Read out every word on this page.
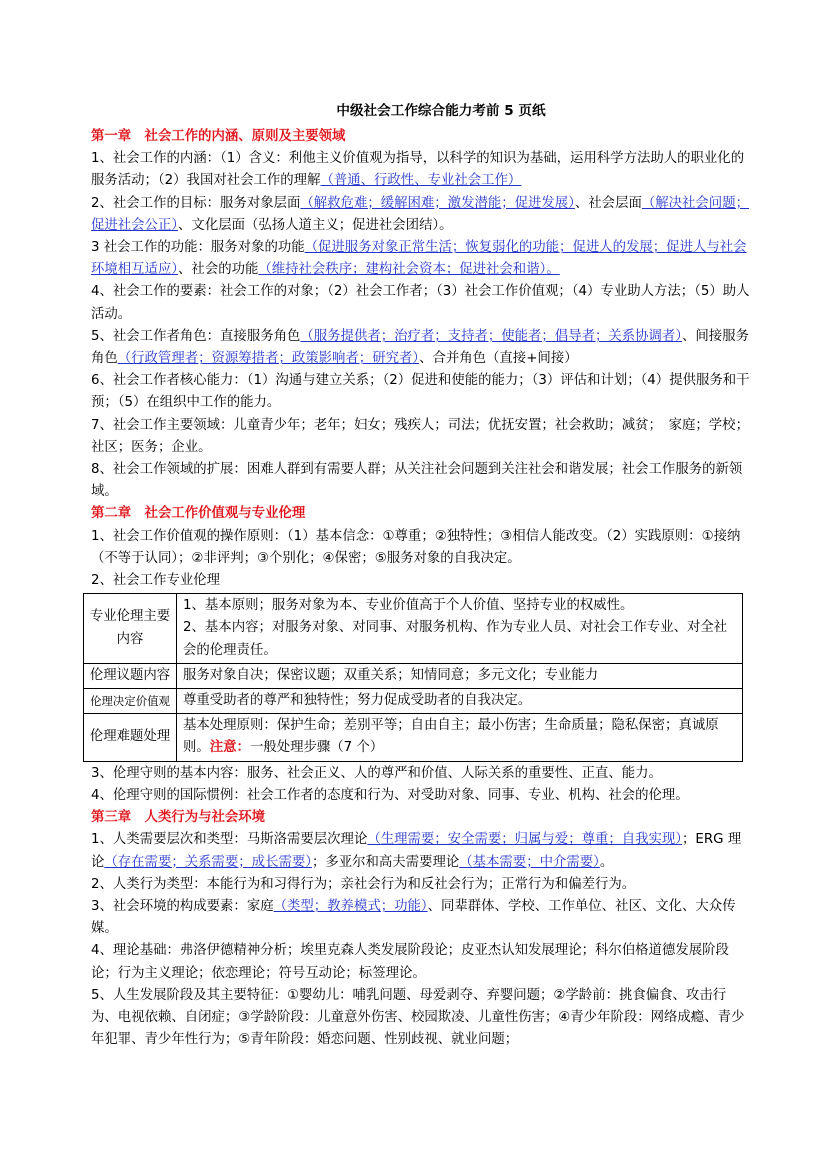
中级社会工作综合能力考前 5 页纸
第一章　社会工作的内涵、原则及主要领域

1、社会工作的内涵：（1）含义：利他主义价值观为指导，以科学的知识为基础，运用科学方法助人的职业化的服务活动；（2）我国对社会工作的理解（普通、行政性、专业社会工作）

2、社会工作的目标：服务对象层面（解救危难；缓解困难；激发潜能；促进发展）、社会层面（解决社会问题；促进社会公正）、文化层面（弘扬人道主义；促进社会团结）。

3 社会工作的功能：服务对象的功能（促进服务对象正常生活；恢复弱化的功能；促进人的发展；促进人与社会环境相互适应）、社会的功能（维持社会秩序；建构社会资本；促进社会和谐）。

4、社会工作的要素：社会工作的对象；（2）社会工作者；（3）社会工作价值观；（4）专业助人方法；（5）助人活动。

5、社会工作者角色：直接服务角色（服务提供者；治疗者；支持者；使能者；倡导者；关系协调者）、间接服务角色（行政管理者；资源筹措者；政策影响者；研究者）、合并角色（直接+间接）

6、社会工作者核心能力：（1）沟通与建立关系；（2）促进和使能的能力；（3）评估和计划；（4）提供服务和干预；（5）在组织中工作的能力。

7、社会工作主要领域：儿童青少年；老年；妇女；残疾人；司法；优抚安置；社会救助；减贫；　家庭；学校；社区；医务；企业。

8、社会工作领域的扩展：困难人群到有需要人群；从关注社会问题到关注社会和谐发展；社会工作服务的新领域。

第二章　社会工作价值观与专业伦理

1、社会工作价值观的操作原则：（1）基本信念：①尊重；②独特性；③相信人能改变。（2）实践原则：①接纳（不等于认同）；②非评判；③个别化；④保密；⑤服务对象的自我决定。

2、社会工作专业伦理

专业伦理主要内容	1、基本原则；服务对象为本、专业价值高于个人价值、坚持专业的权威性。
2、基本内容；对服务对象、对同事、对服务机构、作为专业人员、对社会工作专业、对全社会的伦理责任。

伦理议题内容	服务对象自决；保密议题；双重关系；知情同意；多元文化；专业能力
伦理决定价值观	尊重受助者的尊严和独特性；努力促成受助者的自我决定。
伦理难题处理	基本处理原则：保护生命；差别平等；自由自主；最小伤害；生命质量；隐私保密；真诚原则。注意：一般处理步骤（7 个）

3、伦理守则的基本内容：服务、社会正义、人的尊严和价值、人际关系的重要性、正直、能力。

4、伦理守则的国际惯例：社会工作者的态度和行为、对受助对象、同事、专业、机构、社会的伦理。

第三章　人类行为与社会环境

1、人类需要层次和类型：马斯洛需要层次理论（生理需要；安全需要；归属与爱；尊重；自我实现）；ERG 理论（存在需要；关系需要；成长需要）；多亚尔和高夫需要理论（基本需要；中介需要）。

2、人类行为类型：本能行为和习得行为；亲社会行为和反社会行为；正常行为和偏差行为。

3、社会环境的构成要素：家庭（类型；教养模式；功能）、同辈群体、学校、工作单位、社区、文化、大众传媒。

4、理论基础：弗洛伊德精神分析；埃里克森人类发展阶段论；皮亚杰认知发展理论；科尔伯格道德发展阶段论；行为主义理论；依恋理论；符号互动论；标签理论。

5、人生发展阶段及其主要特征：①婴幼儿：哺乳问题、母爱剥夺、弃婴问题；②学龄前：挑食偏食、攻击行为、电视依赖、自闭症；③学龄阶段：儿童意外伤害、校园欺凌、儿童性伤害；④青少年阶段：网络成瘾、青少年犯罪、青少年性行为；⑤青年阶段：婚恋问题、性别歧视、就业问题；
